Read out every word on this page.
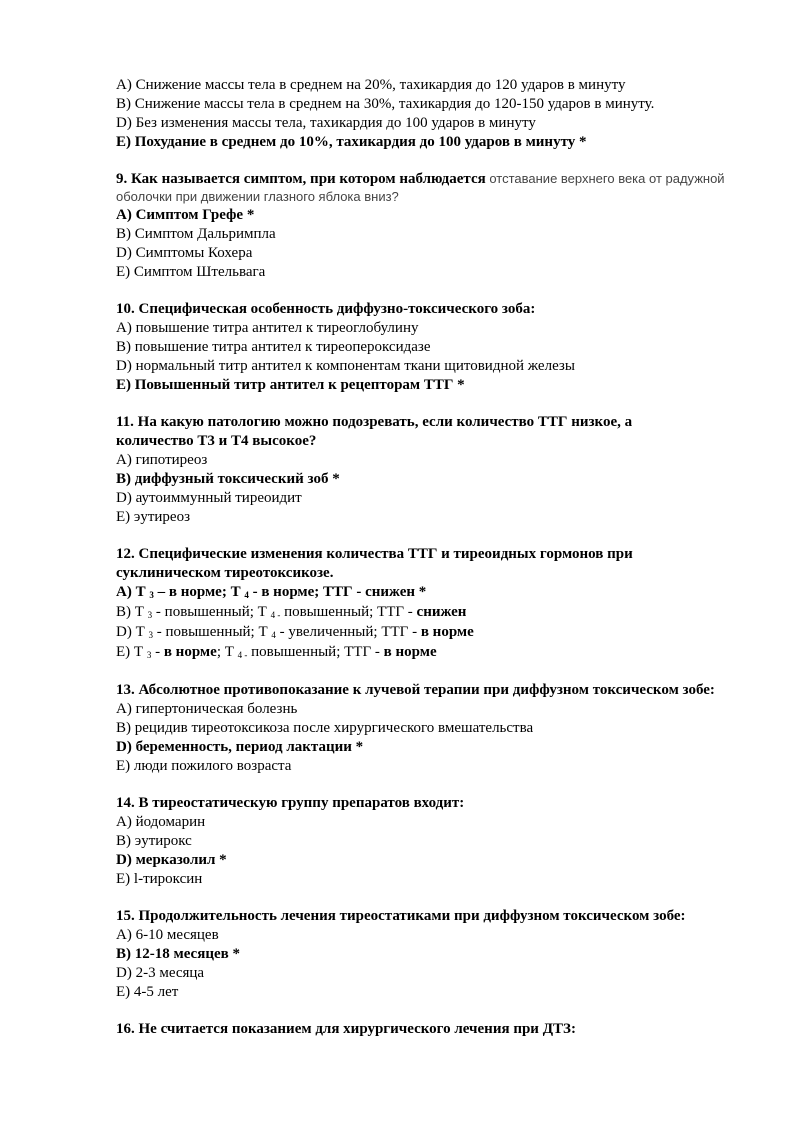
A) Снижение массы тела в среднем на 20%, тахикардия до 120 ударов в минуту

B) Снижение массы тела в среднем на 30%, тахикардия до 120-150 ударов в минуту.

D) Без изменения массы тела, тахикардия до 100 ударов в минуту

E) Похудание в среднем до 10%, тахикардия до 100 ударов в минуту *

9. Как называется симптом, при котором наблюдается отставание верхнего века от радужной оболочки при движении глазного яблока вниз?

A) Симптом Грефе *

B) Симптом Дальримпла

D) Симптомы Кохера

E) Симптом Штельвага

10. Специфическая особенность диффузно-токсического зоба:

A) повышение титра антител к тиреоглобулину

B) повышение титра антител к тиреопероксидазе

D) нормальный титр антител к компонентам ткани щитовидной железы

E) Повышенный титр антител к рецепторам ТТГ *

11. На какую патологию можно подозревать, если количество ТТГ низкое, а количество Т3 и Т4 высокое?

A) гипотиреоз

B) диффузный токсический зоб *

D) аутоиммунный тиреоидит

E) эутиреоз

12. Специфические изменения количества ТТГ и тиреоидных гормонов при суклиническом тиреотоксикозе.

A) Т 3 – в норме; Т 4 - в норме; ТТГ - снижен *

B) Т 3 - повышенный; Т 4 - повышенный; ТТГ - снижен

D) Т 3 - повышенный; Т 4 - увеличенный; ТТГ - в норме

E) Т 3 - в норме; Т 4 - повышенный; ТТГ - в норме

13. Абсолютное противопоказание к лучевой терапии при диффузном токсическом зобе:

A) гипертоническая болезнь

B) рецидив тиреотоксикоза после хирургического вмешательства

D) беременность, период лактации *

E) люди пожилого возраста

14. В тиреостатическую группу препаратов входит:

A) йодомарин

B) эутирокс

D) мерказолил *

E) l-тироксин

15. Продолжительность лечения тиреостатиками при диффузном токсическом зобе:

A) 6-10 месяцев

B) 12-18 месяцев *

D) 2-3 месяца

E) 4-5 лет

16. Не считается показанием для хирургического лечения при ДТЗ:
